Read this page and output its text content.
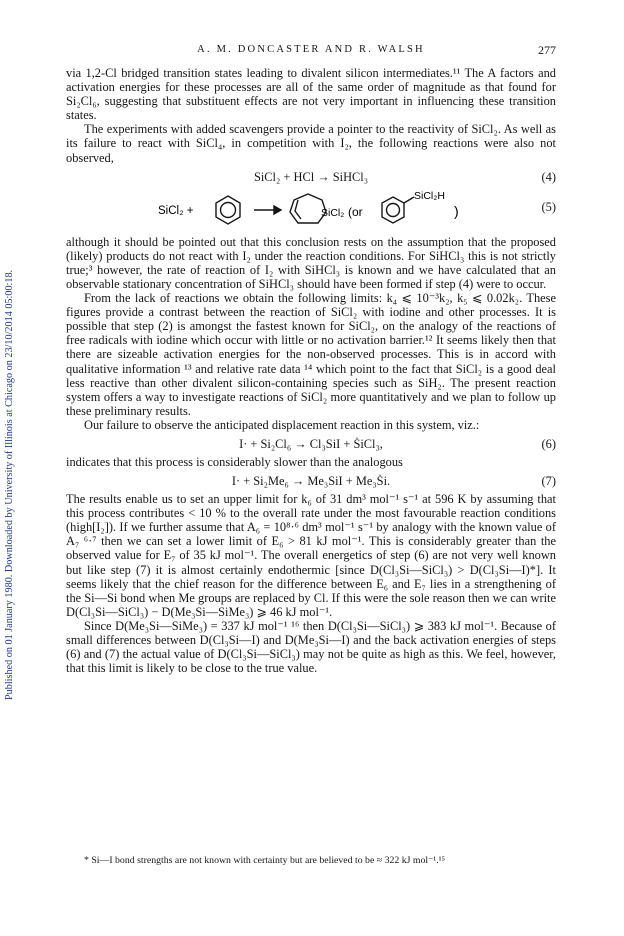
Published on 01 January 1980. Downloaded by University of Illinois at Chicago on 23/10/2014 05:00:18.
A. M. DONCASTER AND R. WALSH	277

via 1,2-Cl bridged transition states leading to divalent silicon intermediates.¹¹ The A factors and activation energies for these processes are all of the same order of magnitude as that found for Si₂Cl₆, suggesting that substituent effects are not very important in influencing these transition states.

The experiments with added scavengers provide a pointer to the reactivity of SiCl₂. As well as its failure to react with SiCl₄, in competition with I₂, the following reactions were also not observed,

SiCl₂ + HCl → SiHCl₃	(4)
SiCl₂ +	SiCl₂ (or
SiCl₂H
)	(5)

although it should be pointed out that this conclusion rests on the assumption that the proposed (likely) products do not react with I₂ under the reaction conditions. For SiHCl₃ this is not strictly true;³ however, the rate of reaction of I₂ with SiHCl₃ is known and we have calculated that an observable stationary concentration of SiHCl₃ should have been formed if step (4) were to occur.

From the lack of reactions we obtain the following limits: k₄ ⩽ 10⁻³k₂, k₅ ⩽ 0.02k₂. These figures provide a contrast between the reaction of SiCl₂ with iodine and other processes. It is possible that step (2) is amongst the fastest known for SiCl₂, on the analogy of the reactions of free radicals with iodine which occur with little or no activation barrier.¹² It seems likely then that there are sizeable activation energies for the non-observed processes. This is in accord with qualitative information ¹³ and relative rate data ¹⁴ which point to the fact that SiCl₂ is a good deal less reactive than other divalent silicon-containing species such as SiH₂. The present reaction system offers a way to investigate reactions of SiCl₂ more quantitatively and we plan to follow up these preliminary results.

Our failure to observe the anticipated displacement reaction in this system, viz.:

I· + Si₂Cl₆ → Cl₃SiI + ṠiCl₃,	(6)

indicates that this process is considerably slower than the analogous

I· + Si₂Me₆ → Me₃SiI + Me₃Ṡi.	(7)

The results enable us to set an upper limit for k₆ of 31 dm³ mol⁻¹ s⁻¹ at 596 K by assuming that this process contributes < 10 % to the overall rate under the most favourable reaction conditions (high[I₂]). If we further assume that A₆ = 10⁸·⁶ dm³ mol⁻¹ s⁻¹ by analogy with the known value of A₇ ⁶·⁷ then we can set a lower limit of E₆ > 81 kJ mol⁻¹. This is considerably greater than the observed value for E₇ of 35 kJ mol⁻¹. The overall energetics of step (6) are not very well known but like step (7) it is almost certainly endothermic [since D(Cl₃Si—SiCl₃) > D(Cl₃Si—I)*]. It seems likely that the chief reason for the difference between E₆ and E₇ lies in a strengthening of the Si—Si bond when Me groups are replaced by Cl. If this were the sole reason then we can write D(Cl₃Si—SiCl₃) − D(Me₃Si—SiMe₃) ⩾ 46 kJ mol⁻¹.

Since D(Me₃Si—SiMe₃) = 337 kJ mol⁻¹ ¹⁶ then D(Cl₃Si—SiCl₃) ⩾ 383 kJ mol⁻¹. Because of small differences between D(Cl₃Si—I) and D(Me₃Si—I) and the back activation energies of steps (6) and (7) the actual value of D(Cl₃Si—SiCl₃) may not be quite as high as this. We feel, however, that this limit is likely to be close to the true value.

* Si—I bond strengths are not known with certainty but are believed to be ≈ 322 kJ mol⁻¹.¹⁵
